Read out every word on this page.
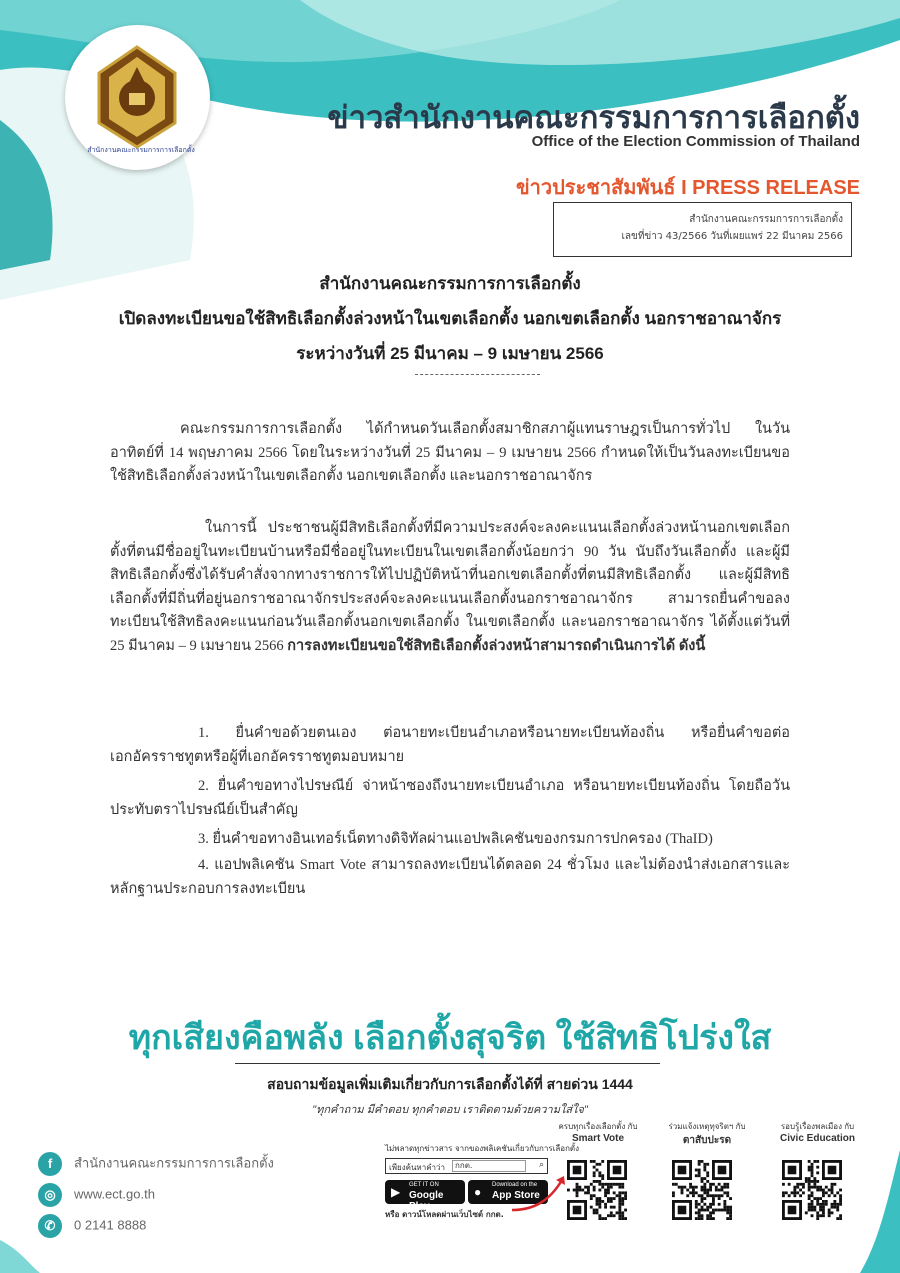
สำนักงานคณะกรรมการการเลือกตั้ง
ข่าวสำนักงานคณะกรรมการการเลือกตั้ง
Office of the Election Commission of Thailand
ข่าวประชาสัมพันธ์ I PRESS RELEASE
สำนักงานคณะกรรมการการเลือกตั้ง
เลขที่ข่าว 43/2566 วันที่เผยแพร่ 22 มีนาคม 2566
สำนักงานคณะกรรมการการเลือกตั้ง
เปิดลงทะเบียนขอใช้สิทธิเลือกตั้งล่วงหน้าในเขตเลือกตั้ง นอกเขตเลือกตั้ง นอกราชอาณาจักร
ระหว่างวันที่ 25 มีนาคม – 9 เมษายน 2566
คณะกรรมการการเลือกตั้ง ได้กำหนดวันเลือกตั้งสมาชิกสภาผู้แทนราษฎรเป็นการทั่วไป ในวันอาทิตย์ที่ 14 พฤษภาคม 2566 โดยในระหว่างวันที่ 25 มีนาคม – 9 เมษายน 2566 กำหนดให้เป็นวันลงทะเบียนขอใช้สิทธิเลือกตั้งล่วงหน้าในเขตเลือกตั้ง นอกเขตเลือกตั้ง และนอกราชอาณาจักร
ในการนี้ ประชาชนผู้มีสิทธิเลือกตั้งที่มีความประสงค์จะลงคะแนนเลือกตั้งล่วงหน้านอกเขตเลือกตั้งที่ตนมีชื่ออยู่ในทะเบียนบ้านหรือมีชื่ออยู่ในทะเบียนในเขตเลือกตั้งน้อยกว่า 90 วัน นับถึงวันเลือกตั้ง และผู้มีสิทธิเลือกตั้งซึ่งได้รับคำสั่งจากทางราชการให้ไปปฏิบัติหน้าที่นอกเขตเลือกตั้งที่ตนมีสิทธิเลือกตั้ง และผู้มีสิทธิเลือกตั้งที่มีถิ่นที่อยู่นอกราชอาณาจักรประสงค์จะลงคะแนนเลือกตั้งนอกราชอาณาจักร สามารถยื่นคำขอลงทะเบียนใช้สิทธิลงคะแนนก่อนวันเลือกตั้งนอกเขตเลือกตั้ง ในเขตเลือกตั้ง และนอกราชอาณาจักร ได้ตั้งแต่วันที่ 25 มีนาคม – 9 เมษายน 2566 การลงทะเบียนขอใช้สิทธิเลือกตั้งล่วงหน้าสามารถดำเนินการได้ ดังนี้
1. ยื่นคำขอด้วยตนเอง ต่อนายทะเบียนอำเภอหรือนายทะเบียนท้องถิ่น หรือยื่นคำขอต่อเอกอัครราชทูตหรือผู้ที่เอกอัครราชทูตมอบหมาย
2. ยื่นคำขอทางไปรษณีย์ จ่าหน้าซองถึงนายทะเบียนอำเภอ หรือนายทะเบียนท้องถิ่น โดยถือวันประทับตราไปรษณีย์เป็นสำคัญ
3. ยื่นคำขอทางอินเทอร์เน็ตทางดิจิทัลผ่านแอปพลิเคชันของกรมการปกครอง (ThaID)
4. แอปพลิเคชัน Smart Vote สามารถลงทะเบียนได้ตลอด 24 ชั่วโมง และไม่ต้องนำส่งเอกสารและหลักฐานประกอบการลงทะเบียน
ทุกเสียงคือพลัง เลือกตั้งสุจริต ใช้สิทธิโปร่งใส
สอบถามข้อมูลเพิ่มเติมเกี่ยวกับการเลือกตั้งได้ที่ สายด่วน 1444
"ทุกคำถาม มีคำตอบ ทุกคำตอบ เราติดตามด้วยความใส่ใจ"
f สำนักงานคณะกรรมการการเลือกตั้ง
◎ www.ect.go.th
✆ 0 2141 8888
ไม่พลาดทุกข่าวสาร จากของพลิเคชันเกี่ยวกับการเลือกตั้ง
เพียงค้นหาคำว่า	กกต.	⌕
▶ GET IT ON
Google Play
● Download on the
App Store
หรือ ดาวน์โหลดผ่านเว็บไซต์ กกต.
ครบทุกเรื่องเลือกตั้ง กับ
Smart Vote
ร่วมแจ้งเหตุทุจริตฯ กับ
ตาสับปะรด
รอบรู้เรื่องพลเมือง กับ
Civic Education
